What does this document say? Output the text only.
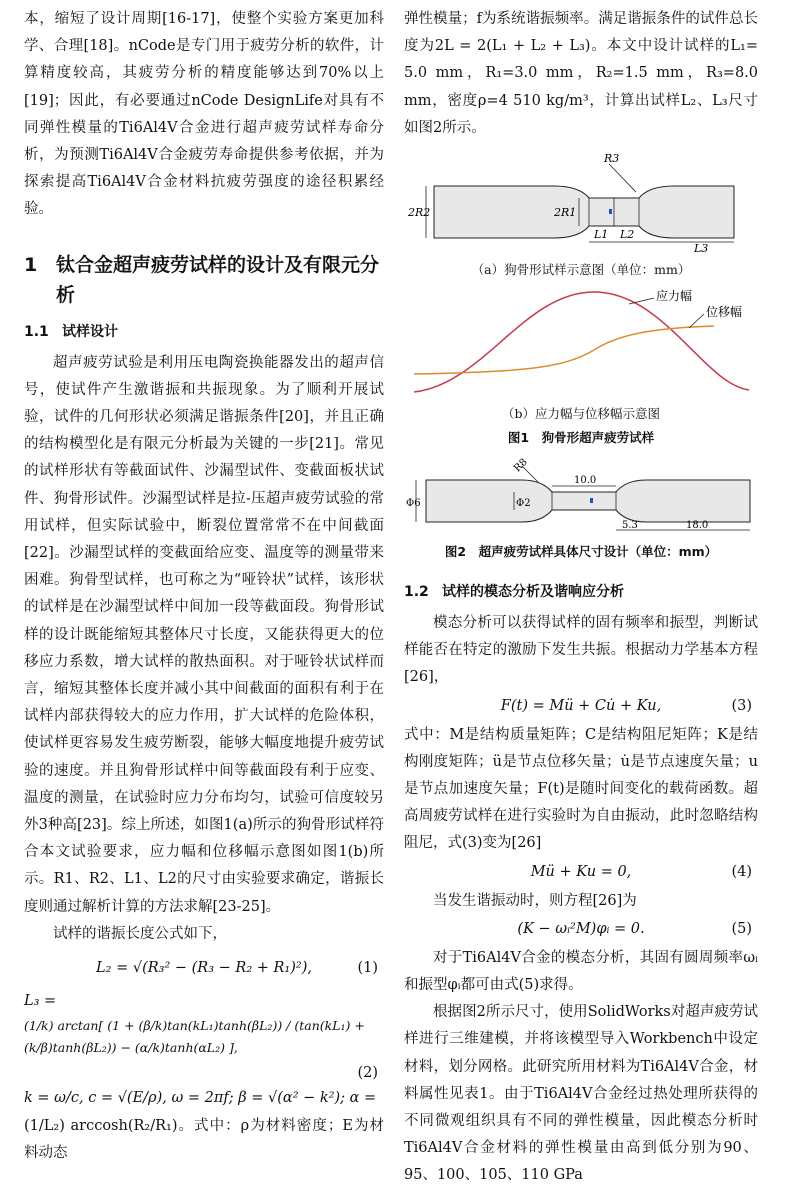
本，缩短了设计周期[16-17]，使整个实验方案更加科学、合理[18]。nCode是专门用于疲劳分析的软件，计算精度较高，其疲劳分析的精度能够达到70%以上[19]；因此，有必要通过nCode DesignLife对具有不同弹性模量的Ti6Al4V合金进行超声疲劳试样寿命分析，为预测Ti6Al4V合金疲劳寿命提供参考依据，并为探索提高Ti6Al4V合金材料抗疲劳强度的途径积累经验。

1 钛合金超声疲劳试样的设计及有限元分析
1.1 试样设计

超声疲劳试验是利用压电陶瓷换能器发出的超声信号，使试件产生激谐振和共振现象。为了顺利开展试验，试件的几何形状必须满足谐振条件[20]，并且正确的结构模型化是有限元分析最为关键的一步[21]。常见的试样形状有等截面试件、沙漏型试件、变截面板状试件、狗骨形试件。沙漏型试样是拉-压超声疲劳试验的常用试样，但实际试验中，断裂位置常常不在中间截面[22]。沙漏型试样的变截面给应变、温度等的测量带来困难。狗骨型试样，也可称之为“哑铃状”试样，该形状的试样是在沙漏型试样中间加一段等截面段。狗骨形试样的设计既能缩短其整体尺寸长度，又能获得更大的位移应力系数，增大试样的散热面积。对于哑铃状试样而言，缩短其整体长度并减小其中间截面的面积有利于在试样内部获得较大的应力作用，扩大试样的危险体积，使试样更容易发生疲劳断裂，能够大幅度地提升疲劳试验的速度。并且狗骨形试样中间等截面段有利于应变、温度的测量，在试验时应力分布均匀，试验可信度较另外3种高[23]。综上所述，如图1(a)所示的狗骨形试样符合本文试验要求，应力幅和位移幅示意图如图1(b)所示。R1、R2、L1、L2的尺寸由实验要求确定，谐振长度则通过解析计算的方法求解[23-25]。

试样的谐振长度公式如下，

L₂ = √(R₃² − (R₃ − R₂ + R₁)²),	(1)
L₃ =
(1/k) arctan[ (1 + (β/k)tan(kL₁)tanh(βL₂)) / (tan(kL₁) + (k/β)tanh(βL₂)) − (α/k)tanh(αL₂) ],
(2)

k = ω/c, c = √(E/ρ), ω = 2πf; β = √(α² − k²); α =

(1/L₂) arccosh(R₂/R₁)。式中：ρ为材料密度；E为材料动态

弹性模量；f为系统谐振频率。满足谐振条件的试件总长度为2L = 2(L₁ + L₂ + L₃)。本文中设计试样的L₁= 5.0 mm，R₁=3.0 mm，R₂=1.5 mm，R₃=8.0 mm，密度ρ=4 510 kg/m³，计算出试样L₂、L₃尺寸如图2所示。

R3
2R2	2R1
L1 L2
L3
（a）狗骨形试样示意图（单位：mm）
应力幅
位移幅
（b）应力幅与位移幅示意图
图1　狗骨形超声疲劳试样
R8
Φ6	Φ2
10.0
5.3	18.0
图2　超声疲劳试样具体尺寸设计（单位：mm）
1.2 试样的模态分析及谐响应分析

模态分析可以获得试样的固有频率和振型，判断试样能否在特定的激励下发生共振。根据动力学基本方程[26]，

F(t) = Mü + Cu̇ + Ku,	(3)

式中：M是结构质量矩阵；C是结构阻尼矩阵；K是结构刚度矩阵；ü是节点位移矢量；u̇是节点速度矢量；u是节点加速度矢量；F(t)是随时间变化的载荷函数。超高周疲劳试样在进行实验时为自由振动，此时忽略结构阻尼，式(3)变为[26]

Mü + Ku = 0,	(4)

当发生谐振动时，则方程[26]为

(K − ωᵢ²M)φᵢ = 0.	(5)

对于Ti6Al4V合金的模态分析，其固有圆周频率ωᵢ和振型φᵢ都可由式(5)求得。

根据图2所示尺寸，使用SolidWorks对超声疲劳试样进行三维建模，并将该模型导入Workbench中设定材料，划分网格。此研究所用材料为Ti6Al4V合金，材料属性见表1。由于Ti6Al4V合金经过热处理所获得的不同微观组织具有不同的弹性模量，因此模态分析时Ti6Al4V合金材料的弹性模量由高到低分别为90、95、100、105、110 GPa
